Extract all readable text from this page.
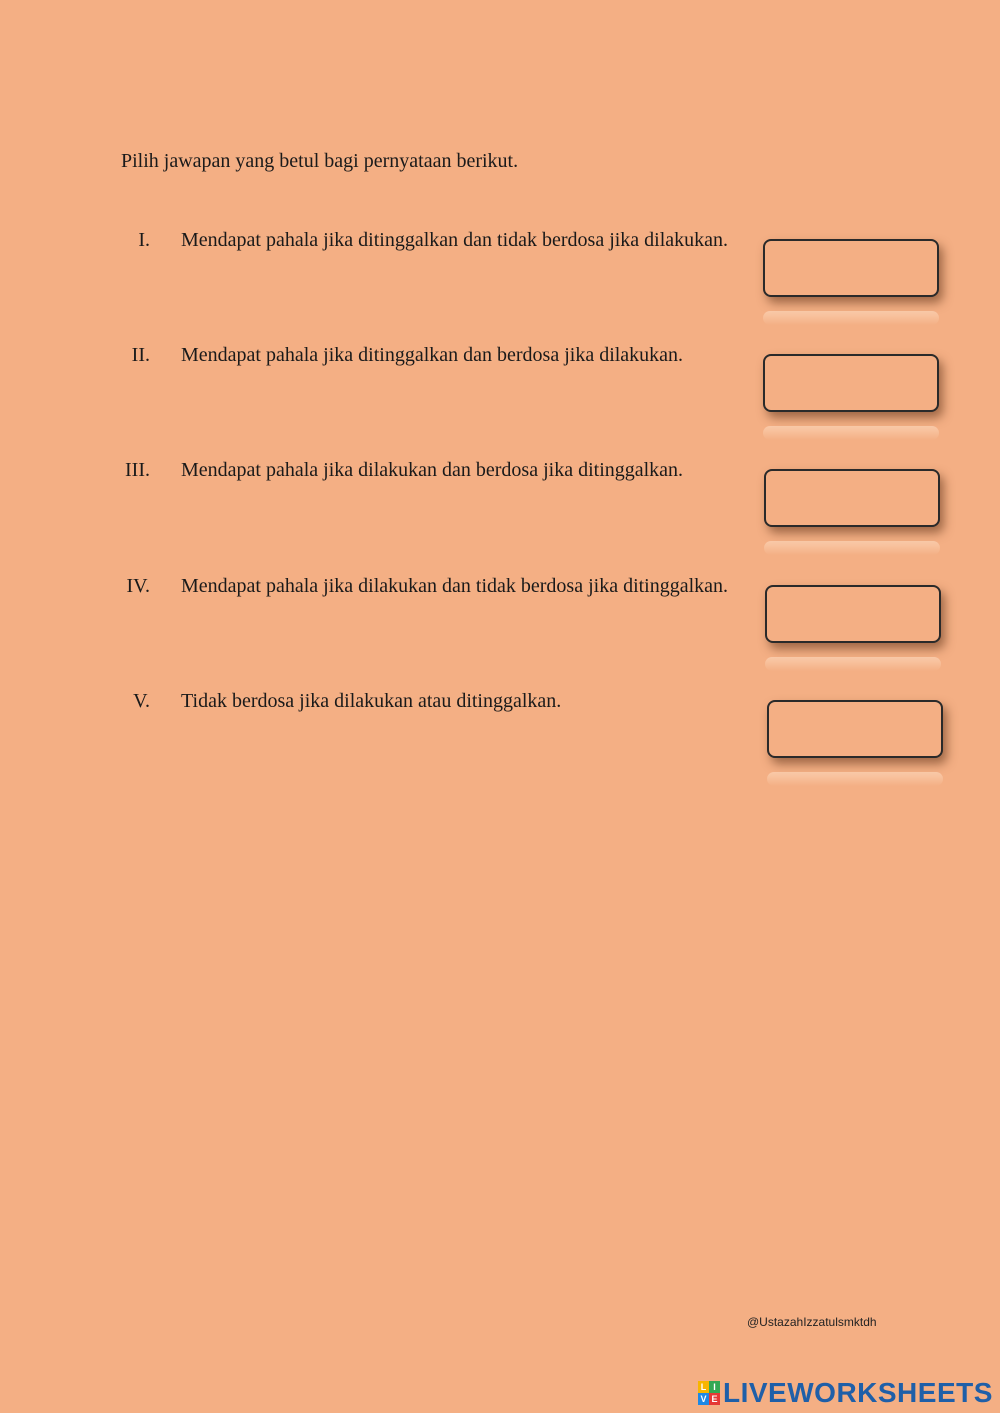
Pilih jawapan yang betul bagi pernyataan berikut.
I. Mendapat pahala jika ditinggalkan dan tidak berdosa jika dilakukan.
II. Mendapat pahala jika ditinggalkan dan berdosa jika dilakukan.
III. Mendapat pahala jika dilakukan dan berdosa jika ditinggalkan.
IV. Mendapat pahala jika dilakukan dan tidak berdosa jika ditinggalkan.
V. Tidak berdosa jika dilakukan atau ditinggalkan.
@UstazahIzzatulsmktdh
L I
V E LIVEWORKSHEETS
